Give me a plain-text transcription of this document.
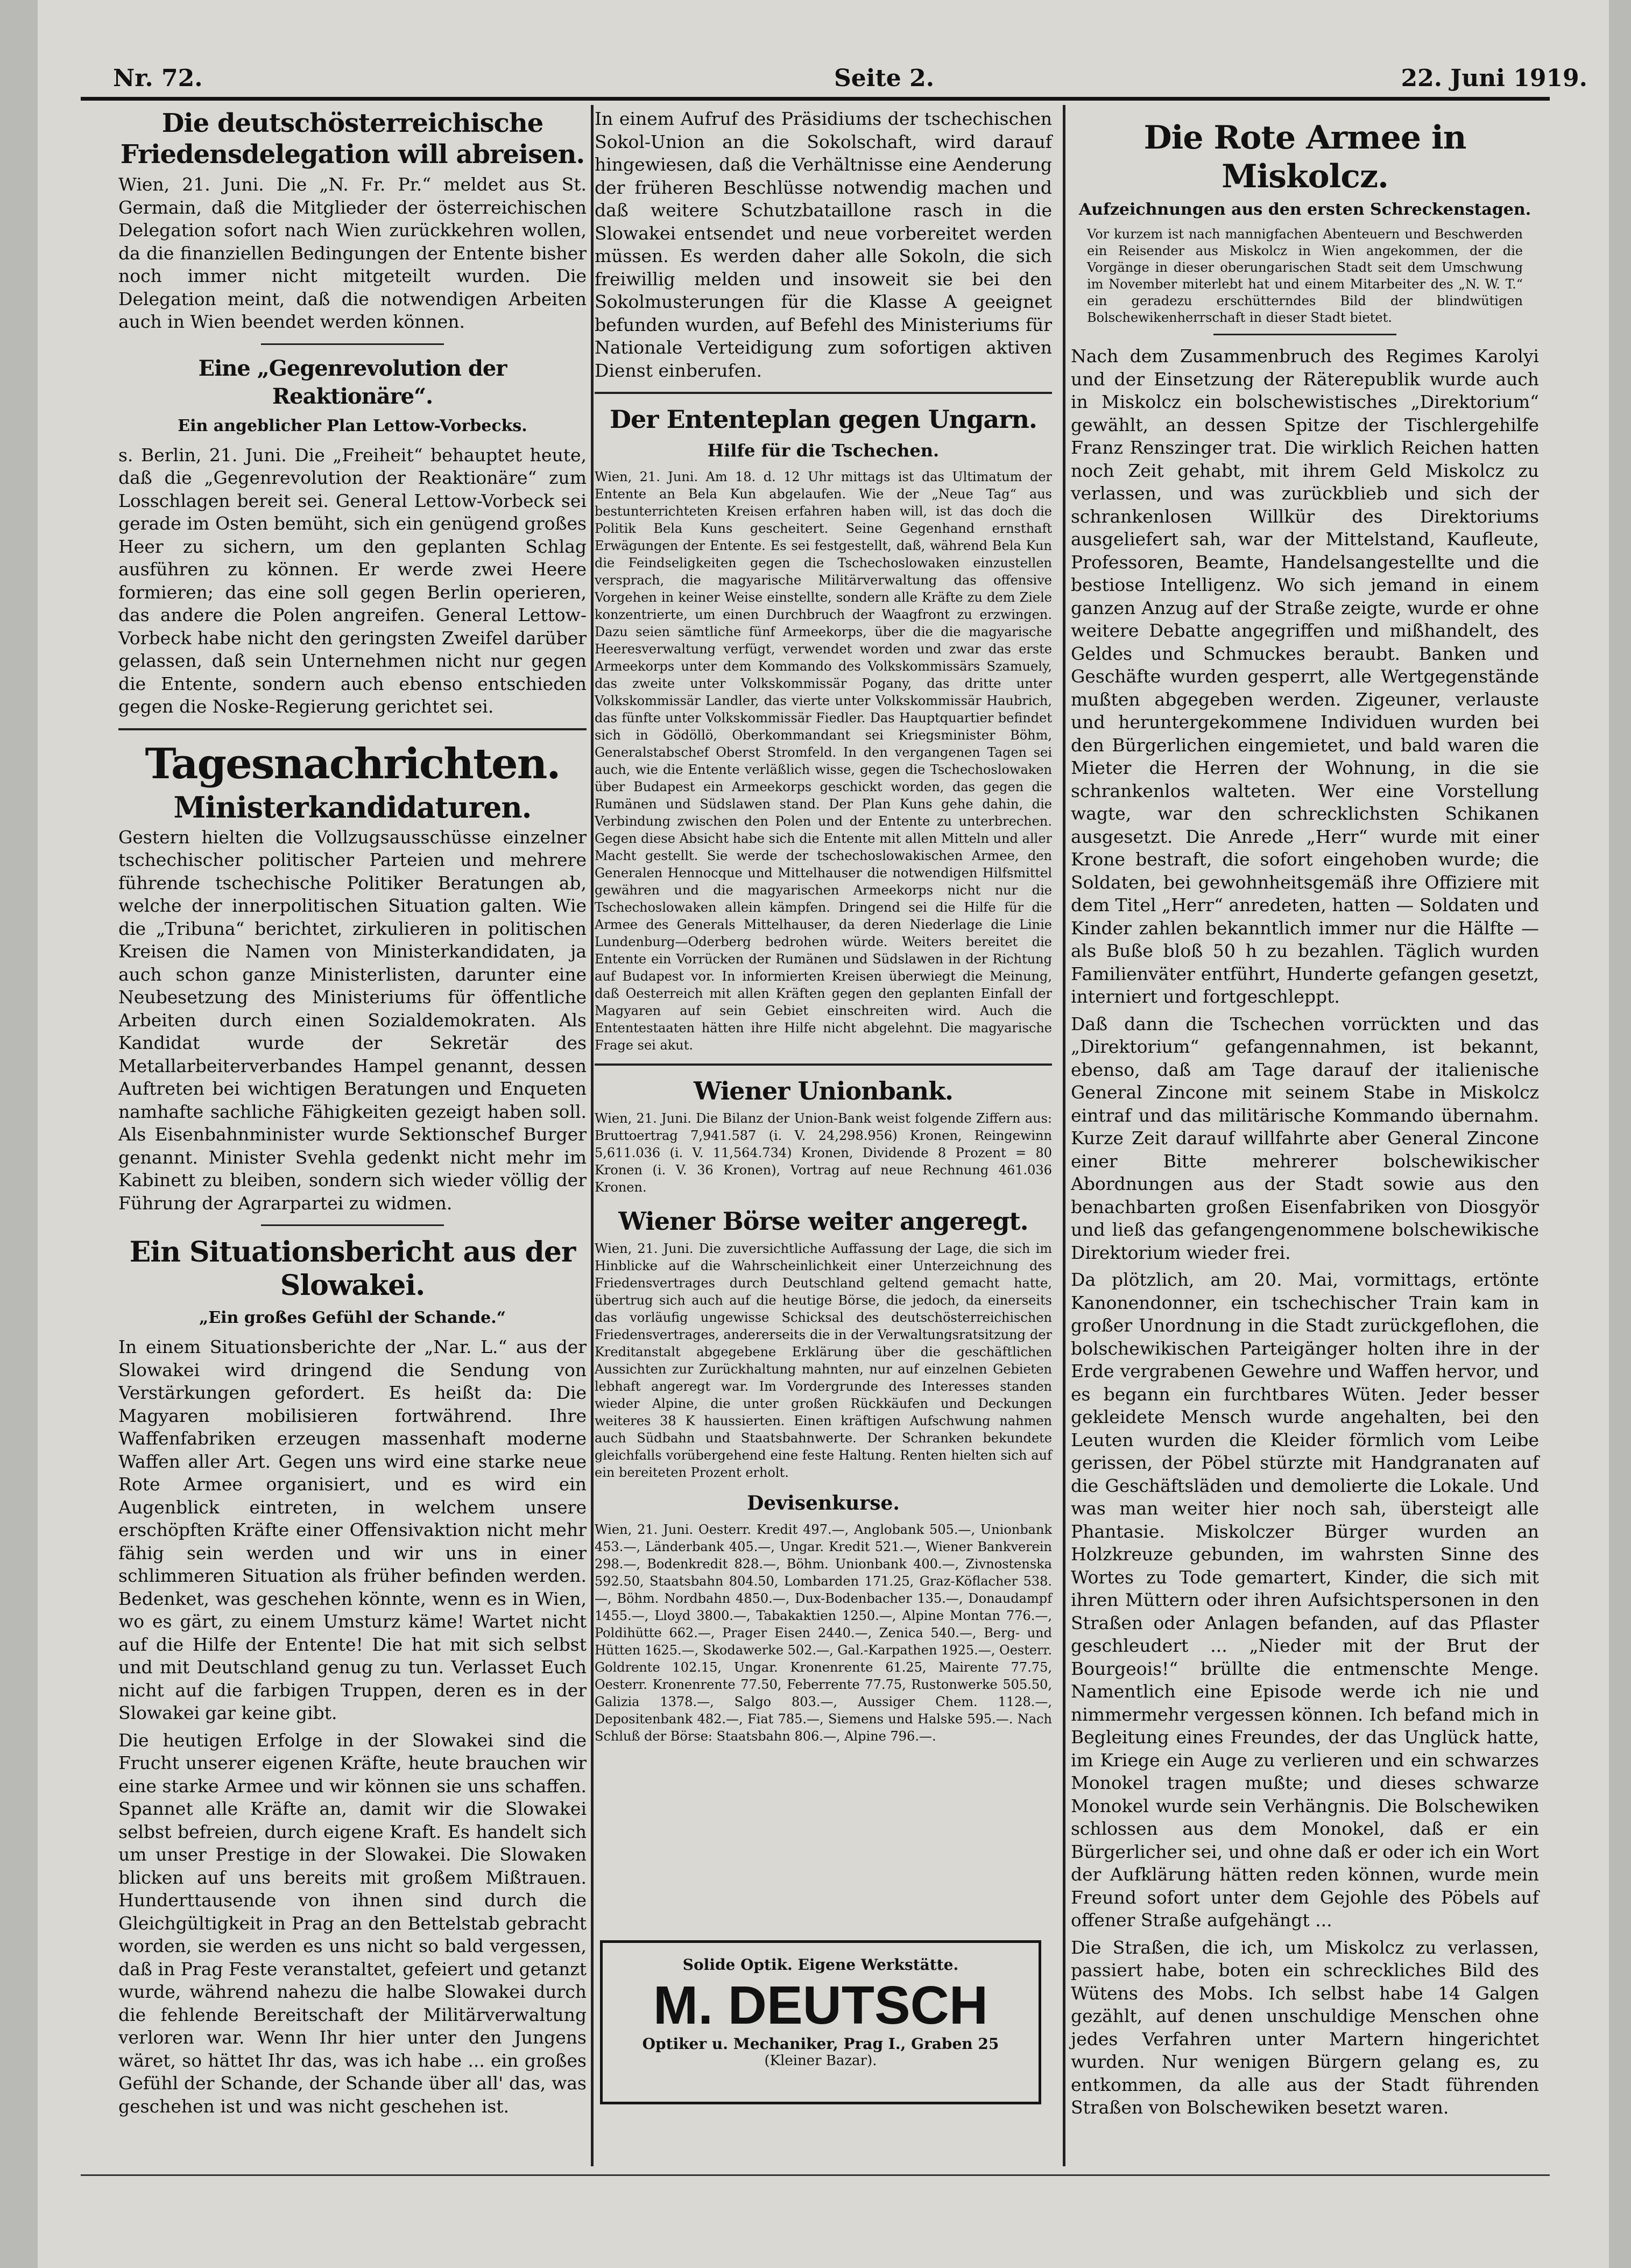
Nr. 72.	Seite 2.	22. Juni 1919.
Die deutschösterreichische Friedensdelegation will abreisen.

Wien, 21. Juni. Die „N. Fr. Pr.“ meldet aus St. Germain, daß die Mitglieder der österreichischen Delegation sofort nach Wien zurückkehren wollen, da die finanziellen Bedingungen der Entente bisher noch immer nicht mitgeteilt wurden. Die Delegation meint, daß die notwendigen Arbeiten auch in Wien beendet werden können.

Eine „Gegenrevolution der Reaktionäre“.
Ein angeblicher Plan Lettow-Vorbecks.

s. Berlin, 21. Juni. Die „Freiheit“ behauptet heute, daß die „Gegenrevolution der Reaktionäre“ zum Losschlagen bereit sei. General Lettow-Vorbeck sei gerade im Osten bemüht, sich ein genügend großes Heer zu sichern, um den geplanten Schlag ausführen zu können. Er werde zwei Heere formieren; das eine soll gegen Berlin operieren, das andere die Polen angreifen. General Lettow-Vorbeck habe nicht den geringsten Zweifel darüber gelassen, daß sein Unternehmen nicht nur gegen die Entente, sondern auch ebenso entschieden gegen die Noske-Regierung gerichtet sei.

Tagesnachrichten.
Ministerkandidaturen.

Gestern hielten die Vollzugsausschüsse einzelner tschechischer politischer Parteien und mehrere führende tschechische Politiker Beratungen ab, welche der innerpolitischen Situation galten. Wie die „Tribuna“ berichtet, zirkulieren in politischen Kreisen die Namen von Ministerkandidaten, ja auch schon ganze Ministerlisten, darunter eine Neubesetzung des Ministeriums für öffentliche Arbeiten durch einen Sozialdemokraten. Als Kandidat wurde der Sekretär des Metallarbeiterverbandes Hampel genannt, dessen Auftreten bei wichtigen Beratungen und Enqueten namhafte sachliche Fähigkeiten gezeigt haben soll. Als Eisenbahnminister wurde Sektionschef Burger genannt. Minister Svehla gedenkt nicht mehr im Kabinett zu bleiben, sondern sich wieder völlig der Führung der Agrarpartei zu widmen.

Ein Situationsbericht aus der Slowakei.
„Ein großes Gefühl der Schande.“

In einem Situationsberichte der „Nar. L.“ aus der Slowakei wird dringend die Sendung von Verstärkungen gefordert. Es heißt da: Die Magyaren mobilisieren fortwährend. Ihre Waffenfabriken erzeugen massenhaft moderne Waffen aller Art. Gegen uns wird eine starke neue Rote Armee organisiert, und es wird ein Augenblick eintreten, in welchem unsere erschöpften Kräfte einer Offensivaktion nicht mehr fähig sein werden und wir uns in einer schlimmeren Situation als früher befinden werden. Bedenket, was geschehen könnte, wenn es in Wien, wo es gärt, zu einem Umsturz käme! Wartet nicht auf die Hilfe der Entente! Die hat mit sich selbst und mit Deutschland genug zu tun. Verlasset Euch nicht auf die farbigen Truppen, deren es in der Slowakei gar keine gibt.

Die heutigen Erfolge in der Slowakei sind die Frucht unserer eigenen Kräfte, heute brauchen wir eine starke Armee und wir können sie uns schaffen. Spannet alle Kräfte an, damit wir die Slowakei selbst befreien, durch eigene Kraft. Es handelt sich um unser Prestige in der Slowakei. Die Slowaken blicken auf uns bereits mit großem Mißtrauen. Hunderttausende von ihnen sind durch die Gleichgültigkeit in Prag an den Bettelstab gebracht worden, sie werden es uns nicht so bald vergessen, daß in Prag Feste veranstaltet, gefeiert und getanzt wurde, während nahezu die halbe Slowakei durch die fehlende Bereitschaft der Militärverwaltung verloren war. Wenn Ihr hier unter den Jungens wäret, so hättet Ihr das, was ich habe ... ein großes Gefühl der Schande, der Schande über all' das, was geschehen ist und was nicht geschehen ist.

In einem Aufruf des Präsidiums der tschechischen Sokol-Union an die Sokolschaft, wird darauf hingewiesen, daß die Verhältnisse eine Aenderung der früheren Beschlüsse notwendig machen und daß weitere Schutzbataillone rasch in die Slowakei entsendet und neue vorbereitet werden müssen. Es werden daher alle Sokoln, die sich freiwillig melden und insoweit sie bei den Sokolmusterungen für die Klasse A geeignet befunden wurden, auf Befehl des Ministeriums für Nationale Verteidigung zum sofortigen aktiven Dienst einberufen.

Der Ententeplan gegen Ungarn.
Hilfe für die Tschechen.

Wien, 21. Juni. Am 18. d. 12 Uhr mittags ist das Ultimatum der Entente an Bela Kun abgelaufen. Wie der „Neue Tag“ aus bestunterrichteten Kreisen erfahren haben will, ist das doch die Politik Bela Kuns gescheitert. Seine Gegenhand ernsthaft Erwägungen der Entente. Es sei festgestellt, daß, während Bela Kun die Feindseligkeiten gegen die Tschechoslowaken einzustellen versprach, die magyarische Militärverwaltung das offensive Vorgehen in keiner Weise einstellte, sondern alle Kräfte zu dem Ziele konzentrierte, um einen Durchbruch der Waagfront zu erzwingen. Dazu seien sämtliche fünf Armeekorps, über die die magyarische Heeresverwaltung verfügt, verwendet worden und zwar das erste Armeekorps unter dem Kommando des Volkskommissärs Szamuely, das zweite unter Volkskommissär Pogany, das dritte unter Volkskommissär Landler, das vierte unter Volkskommissär Haubrich, das fünfte unter Volkskommissär Fiedler. Das Hauptquartier befindet sich in Gödöllö, Oberkommandant sei Kriegsminister Böhm, Generalstabschef Oberst Stromfeld. In den vergangenen Tagen sei auch, wie die Entente verläßlich wisse, gegen die Tschechoslowaken über Budapest ein Armeekorps geschickt worden, das gegen die Rumänen und Südslawen stand. Der Plan Kuns gehe dahin, die Verbindung zwischen den Polen und der Entente zu unterbrechen. Gegen diese Absicht habe sich die Entente mit allen Mitteln und aller Macht gestellt. Sie werde der tschechoslowakischen Armee, den Generalen Hennocque und Mittelhauser die notwendigen Hilfsmittel gewähren und die magyarischen Armeekorps nicht nur die Tschechoslowaken allein kämpfen. Dringend sei die Hilfe für die Armee des Generals Mittelhauser, da deren Niederlage die Linie Lundenburg—Oderberg bedrohen würde. Weiters bereitet die Entente ein Vorrücken der Rumänen und Südslawen in der Richtung auf Budapest vor. In informierten Kreisen überwiegt die Meinung, daß Oesterreich mit allen Kräften gegen den geplanten Einfall der Magyaren auf sein Gebiet einschreiten wird. Auch die Ententestaaten hätten ihre Hilfe nicht abgelehnt. Die magyarische Frage sei akut.

Wiener Unionbank.

Wien, 21. Juni. Die Bilanz der Union-Bank weist folgende Ziffern aus: Bruttoertrag 7,941.587 (i. V. 24,298.956) Kronen, Reingewinn 5,611.036 (i. V. 11,564.734) Kronen, Dividende 8 Prozent = 80 Kronen (i. V. 36 Kronen), Vortrag auf neue Rechnung 461.036 Kronen.

Wiener Börse weiter angeregt.

Wien, 21. Juni. Die zuversichtliche Auffassung der Lage, die sich im Hinblicke auf die Wahrscheinlichkeit einer Unterzeichnung des Friedensvertrages durch Deutschland geltend gemacht hatte, übertrug sich auch auf die heutige Börse, die jedoch, da einerseits das vorläufig ungewisse Schicksal des deutschösterreichischen Friedensvertrages, andererseits die in der Verwaltungsratsitzung der Kreditanstalt abgegebene Erklärung über die geschäftlichen Aussichten zur Zurückhaltung mahnten, nur auf einzelnen Gebieten lebhaft angeregt war. Im Vordergrunde des Interesses standen wieder Alpine, die unter großen Rückkäufen und Deckungen weiteres 38 K haussierten. Einen kräftigen Aufschwung nahmen auch Südbahn und Staatsbahnwerte. Der Schranken bekundete gleichfalls vorübergehend eine feste Haltung. Renten hielten sich auf ein bereiteten Prozent erholt.

Devisenkurse.

Wien, 21. Juni. Oesterr. Kredit 497.—, Anglobank 505.—, Unionbank 453.—, Länderbank 405.—, Ungar. Kredit 521.—, Wiener Bankverein 298.—, Bodenkredit 828.—, Böhm. Unionbank 400.—, Zivnostenska 592.50, Staatsbahn 804.50, Lombarden 171.25, Graz-Köflacher 538.—, Böhm. Nordbahn 4850.—, Dux-Bodenbacher 135.—, Donaudampf 1455.—, Lloyd 3800.—, Tabakaktien 1250.—, Alpine Montan 776.—, Poldihütte 662.—, Prager Eisen 2440.—, Zenica 540.—, Berg- und Hütten 1625.—, Skodawerke 502.—, Gal.-Karpathen 1925.—, Oesterr. Goldrente 102.15, Ungar. Kronenrente 61.25, Mairente 77.75, Oesterr. Kronenrente 77.50, Feberrente 77.75, Rustonwerke 505.50, Galizia 1378.—, Salgo 803.—, Aussiger Chem. 1128.—, Depositenbank 482.—, Fiat 785.—, Siemens und Halske 595.—. Nach Schluß der Börse: Staatsbahn 806.—, Alpine 796.—.

Solide Optik. Eigene Werkstätte.
M. DEUTSCH
Optiker u. Mechaniker, Prag I., Graben 25
(Kleiner Bazar).
Die Rote Armee in Miskolcz.
Aufzeichnungen aus den ersten Schreckenstagen.

Vor kurzem ist nach mannigfachen Abenteuern und Beschwerden ein Reisender aus Miskolcz in Wien angekommen, der die Vorgänge in dieser oberungarischen Stadt seit dem Umschwung im November miterlebt hat und einem Mitarbeiter des „N. W. T.“ ein geradezu erschütterndes Bild der blindwütigen Bolschewikenherrschaft in dieser Stadt bietet.

Nach dem Zusammenbruch des Regimes Karolyi und der Einsetzung der Räterepublik wurde auch in Miskolcz ein bolschewistisches „Direktorium“ gewählt, an dessen Spitze der Tischlergehilfe Franz Renszinger trat. Die wirklich Reichen hatten noch Zeit gehabt, mit ihrem Geld Miskolcz zu verlassen, und was zurückblieb und sich der schrankenlosen Willkür des Direktoriums ausgeliefert sah, war der Mittelstand, Kaufleute, Professoren, Beamte, Handelsangestellte und die bestiose Intelligenz. Wo sich jemand in einem ganzen Anzug auf der Straße zeigte, wurde er ohne weitere Debatte angegriffen und mißhandelt, des Geldes und Schmuckes beraubt. Banken und Geschäfte wurden gesperrt, alle Wertgegenstände mußten abgegeben werden. Zigeuner, verlauste und heruntergekommene Individuen wurden bei den Bürgerlichen eingemietet, und bald waren die Mieter die Herren der Wohnung, in die sie schrankenlos walteten. Wer eine Vorstellung wagte, war den schrecklichsten Schikanen ausgesetzt. Die Anrede „Herr“ wurde mit einer Krone bestraft, die sofort eingehoben wurde; die Soldaten, bei gewohnheitsgemäß ihre Offiziere mit dem Titel „Herr“ anredeten, hatten — Soldaten und Kinder zahlen bekanntlich immer nur die Hälfte — als Buße bloß 50 h zu bezahlen. Täglich wurden Familienväter entführt, Hunderte gefangen gesetzt, interniert und fortgeschleppt.

Daß dann die Tschechen vorrückten und das „Direktorium“ gefangennahmen, ist bekannt, ebenso, daß am Tage darauf der italienische General Zincone mit seinem Stabe in Miskolcz eintraf und das militärische Kommando übernahm. Kurze Zeit darauf willfahrte aber General Zincone einer Bitte mehrerer bolschewikischer Abordnungen aus der Stadt sowie aus den benachbarten großen Eisenfabriken von Diosgyör und ließ das gefangengenommene bolschewikische Direktorium wieder frei.

Da plötzlich, am 20. Mai, vormittags, ertönte Kanonendonner, ein tschechischer Train kam in großer Unordnung in die Stadt zurückgeflohen, die bolschewikischen Parteigänger holten ihre in der Erde vergrabenen Gewehre und Waffen hervor, und es begann ein furchtbares Wüten. Jeder besser gekleidete Mensch wurde angehalten, bei den Leuten wurden die Kleider förmlich vom Leibe gerissen, der Pöbel stürzte mit Handgranaten auf die Geschäftsläden und demolierte die Lokale. Und was man weiter hier noch sah, übersteigt alle Phantasie. Miskolczer Bürger wurden an Holzkreuze gebunden, im wahrsten Sinne des Wortes zu Tode gemartert, Kinder, die sich mit ihren Müttern oder ihren Aufsichtspersonen in den Straßen oder Anlagen befanden, auf das Pflaster geschleudert ... „Nieder mit der Brut der Bourgeois!“ brüllte die entmenschte Menge. Namentlich eine Episode werde ich nie und nimmermehr vergessen können. Ich befand mich in Begleitung eines Freundes, der das Unglück hatte, im Kriege ein Auge zu verlieren und ein schwarzes Monokel tragen mußte; und dieses schwarze Monokel wurde sein Verhängnis. Die Bolschewiken schlossen aus dem Monokel, daß er ein Bürgerlicher sei, und ohne daß er oder ich ein Wort der Aufklärung hätten reden können, wurde mein Freund sofort unter dem Gejohle des Pöbels auf offener Straße aufgehängt ...

Die Straßen, die ich, um Miskolcz zu verlassen, passiert habe, boten ein schreckliches Bild des Wütens des Mobs. Ich selbst habe 14 Galgen gezählt, auf denen unschuldige Menschen ohne jedes Verfahren unter Martern hingerichtet wurden. Nur wenigen Bürgern gelang es, zu entkommen, da alle aus der Stadt führenden Straßen von Bolschewiken besetzt waren.
